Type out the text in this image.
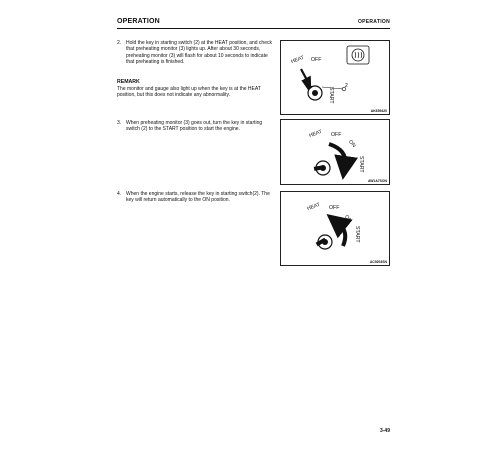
OPERATION	OPERATION
2. Hold the key in starting switch (2) at the HEAT position, and check that preheating monitor (3) lights up. After about 30 seconds, preheating monitor (3) will flash for about 10 seconds to indicate that preheating is finished.
REMARK
The monitor and gauge also light up when the key is at the HEAT position, but this does not indicate any abnormality.
3. When preheating monitor (3) goes out, turn the key in starting switch (2) to the START position to start the engine.
4. When the engine starts, release the key in starting switch(2). The key will return automatically to the ON position.
2
HEAT OFF
START
AK659420
HEAT OFF
ON
START
AW1A7SON
HEAT OFF
ON
START
AC9203SN
3-49
